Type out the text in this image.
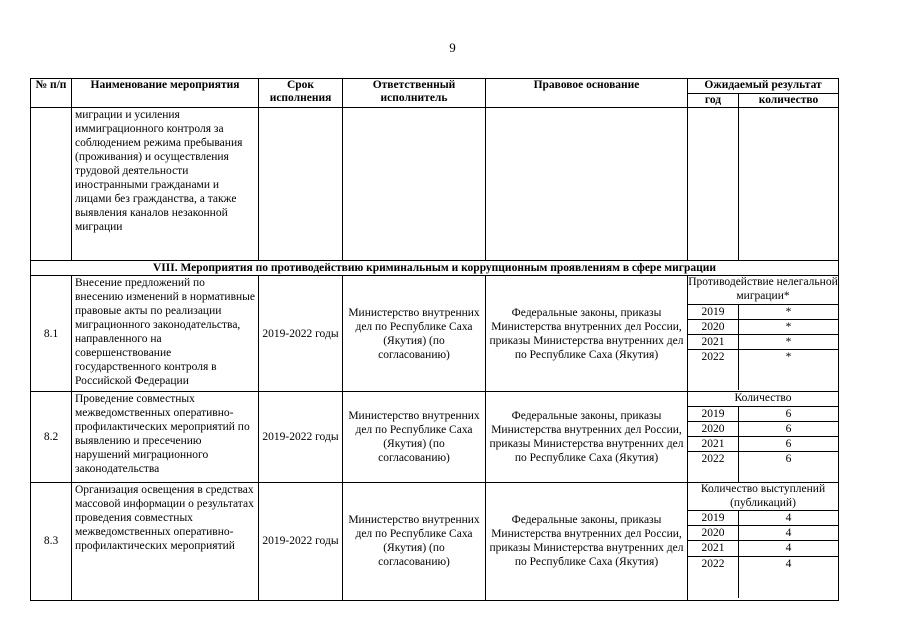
9
№ п/п	Наименование мероприятия	Срок исполнения	Ответственный исполнитель	Правовое основание	Ожидаемый результат
год	количество

	миграции и усиления иммиграционного контроля за соблюдением режима пребывания (проживания) и осуществления трудовой деятельности иностранными гражданами и лицами без гражданства, а также выявления каналов незаконной миграции				

VIII. Мероприятия по противодействию криминальным и коррупционным проявлениям в сфере миграции
8.1	Внесение предложений по внесению изменений в нормативные правовые акты по реализации миграционного законодательства, направленного на совершенствование государственного контроля в Российской Федерации	2019-2022 годы	Министерство внутренних дел по Республике Саха (Якутия) (по согласованию)	Федеральные законы, приказы Министерства внутренних дел России, приказы Министерства внутренних дел по Республике Саха (Якутия)	
Противодействие нелегальной миграции*
2019	*
2020	*
2021	*
2022	*

8.2	Проведение совместных межведомственных оперативно-профилактических мероприятий по выявлению и пресечению нарушений миграционного законодательства	2019-2022 годы	Министерство внутренних дел по Республике Саха (Якутия) (по согласованию)	Федеральные законы, приказы Министерства внутренних дел России, приказы Министерства внутренних дел по Республике Саха (Якутия)	
Количество
2019	6
2020	6
2021	6
2022	6

8.3	Организация освещения в средствах массовой информации о результатах проведения совместных межведомственных оперативно-профилактических мероприятий	2019-2022 годы	Министерство внутренних дел по Республике Саха (Якутия) (по согласованию)	Федеральные законы, приказы Министерства внутренних дел России, приказы Министерства внутренних дел по Республике Саха (Якутия)	
Количество выступлений (публикаций)
2019	4
2020	4
2021	4
2022	4
